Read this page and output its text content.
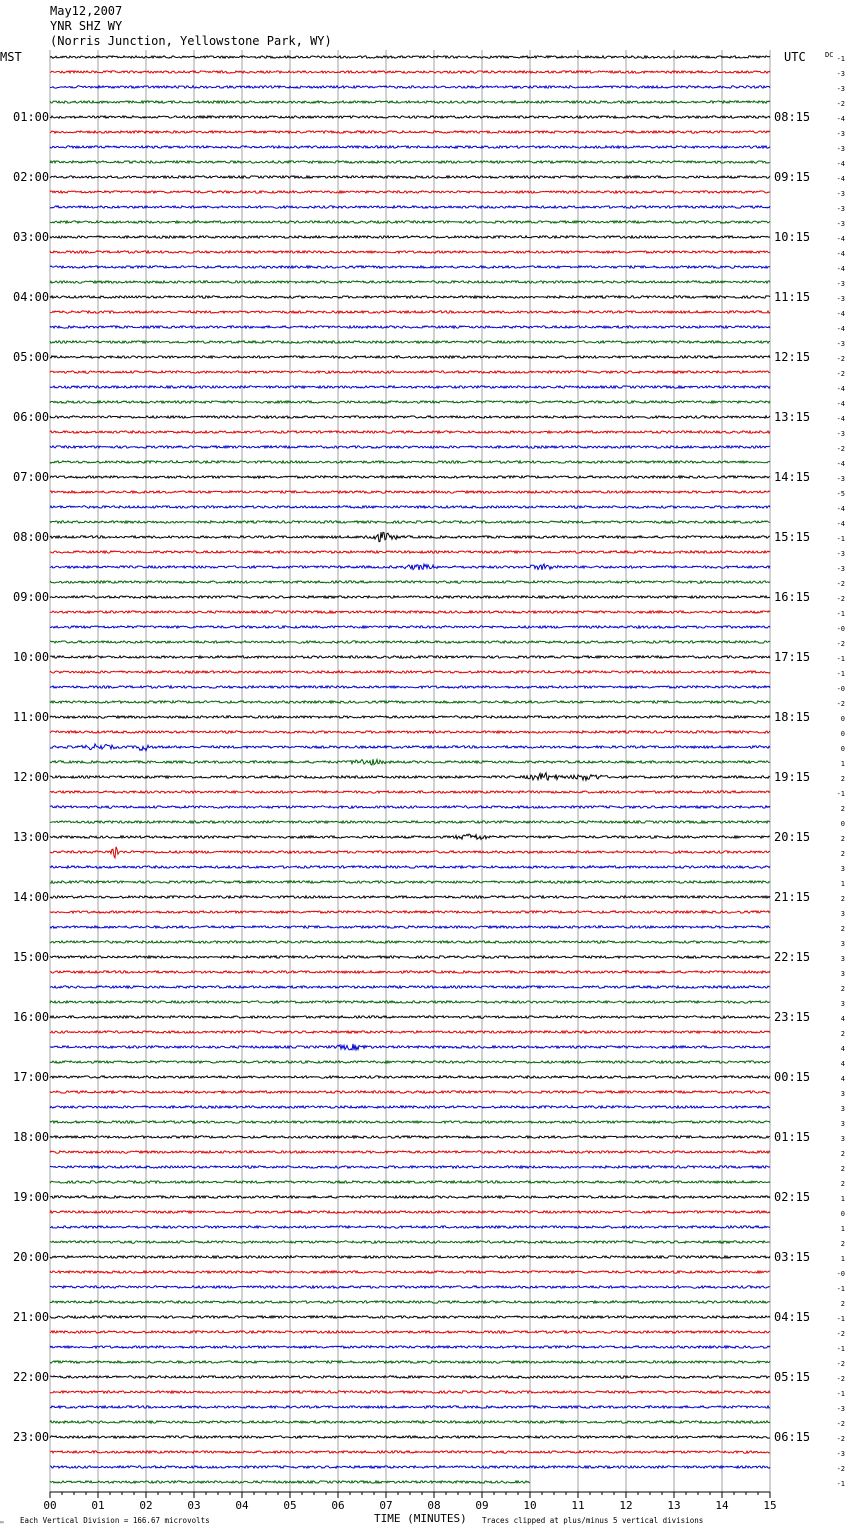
May12,2007
YNR SHZ WY
(Norris Junction, Yellowstone Park, WY)
MST	UTC	DC
01:00
02:00
03:00
04:00
05:00
06:00
07:00
08:00
09:00
10:00
11:00
12:00
13:00
14:00
15:00
16:00
17:00
18:00
19:00
20:00
21:00
22:00
23:00
08:15
09:15
10:15
11:15
12:15
13:15
14:15
15:15
16:15
17:15
18:15
19:15
20:15
21:15
22:15
23:15
00:15
01:15
02:15
03:15
04:15
05:15
06:15
-1
-3
-3
-2
-4
-3
-3
-4
-4
-3
-3
-3
-4
-4
-4
-3
-3
-4
-4
-3
-2
-2
-4
-4
-4
-3
-2
-4
-3
-5
-4
-4
-1
-3
-3
-2
-2
-1
-0
-2
-1
-1
-0
-2
0
0
0
1
2
-1
2
0
2
2
3
1
2
3
2
3
3
3
2
3
4
2
4
4
4
3
3
3
3
2
2
2
1
0
1
2
1
-0
-1
2
-1
-2
-1
-2
-2
-1
-3
-2
-2
-3
-2
-1
00	01	02	03	04	05	06	07	08	09	10	11	12	13	14	15
TIME (MINUTES)
Each Vertical Division = 166.67 microvolts	Traces clipped at plus/minus 5 vertical divisions
™
